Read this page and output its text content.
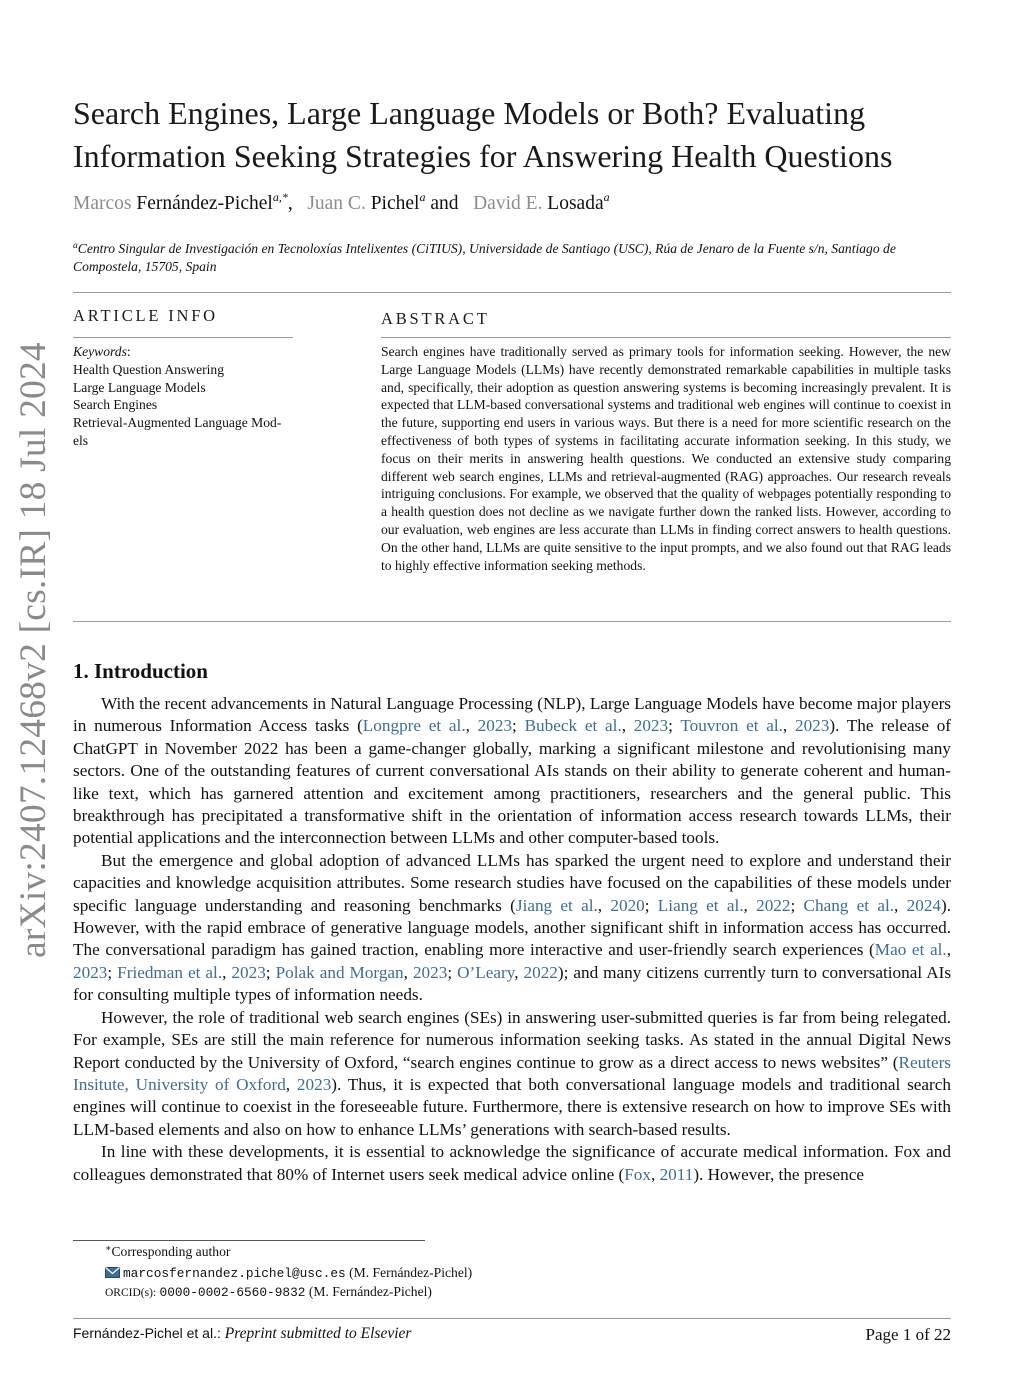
arXiv:2407.12468v2 [cs.IR] 18 Jul 2024
Search Engines, Large Language Models or Both? Evaluating Information Seeking Strategies for Answering Health Questions
Marcos Fernández-Pichel$^{a,*}$, Juan C. Pichel$^a$ and David E. Losada$^a$
$^a$Centro Singular de Investigación en Tecnoloxías Intelixentes (CiTIUS), Universidade de Santiago (USC), Rúa de Jenaro de la Fuente s/n, Santiago de Compostela, 15705, Spain
ARTICLE INFO
Keywords:
Health Question Answering
Large Language Models
Search Engines
Retrieval-Augmented Language Mod-
els
ABSTRACT
Search engines have traditionally served as primary tools for information seeking. However, the new Large Language Models (LLMs) have recently demonstrated remarkable capabilities in multiple tasks and, specifically, their adoption as question answering systems is becoming increasingly prevalent. It is expected that LLM-based conversational systems and traditional web engines will continue to coexist in the future, supporting end users in various ways. But there is a need for more scientific research on the effectiveness of both types of systems in facilitating accurate information seeking. In this study, we focus on their merits in answering health questions. We conducted an extensive study comparing different web search engines, LLMs and retrieval-augmented (RAG) approaches. Our research reveals intriguing conclusions. For example, we observed that the quality of webpages potentially responding to a health question does not decline as we navigate further down the ranked lists. However, according to our evaluation, web engines are less accurate than LLMs in finding correct answers to health questions. On the other hand, LLMs are quite sensitive to the input prompts, and we also found out that RAG leads to highly effective information seeking methods.
1. Introduction

With the recent advancements in Natural Language Processing (NLP), Large Language Models have become major players in numerous Information Access tasks (Longpre et al., 2023; Bubeck et al., 2023; Touvron et al., 2023). The release of ChatGPT in November 2022 has been a game-changer globally, marking a significant milestone and revolutionising many sectors. One of the outstanding features of current conversational AIs stands on their ability to generate coherent and human-like text, which has garnered attention and excitement among practitioners, researchers and the general public. This breakthrough has precipitated a transformative shift in the orientation of information access research towards LLMs, their potential applications and the interconnection between LLMs and other computer-based tools.

But the emergence and global adoption of advanced LLMs has sparked the urgent need to explore and understand their capacities and knowledge acquisition attributes. Some research studies have focused on the capabilities of these models under specific language understanding and reasoning benchmarks (Jiang et al., 2020; Liang et al., 2022; Chang et al., 2024). However, with the rapid embrace of generative language models, another significant shift in information access has occurred. The conversational paradigm has gained traction, enabling more interactive and user-friendly search experiences (Mao et al., 2023; Friedman et al., 2023; Polak and Morgan, 2023; O’Leary, 2022); and many citizens currently turn to conversational AIs for consulting multiple types of information needs.

However, the role of traditional web search engines (SEs) in answering user-submitted queries is far from being relegated. For example, SEs are still the main reference for numerous information seeking tasks. As stated in the annual Digital News Report conducted by the University of Oxford, “search engines continue to grow as a direct access to news websites” (Reuters Insitute, University of Oxford, 2023). Thus, it is expected that both conversational language models and traditional search engines will continue to coexist in the foreseeable future. Furthermore, there is extensive research on how to improve SEs with LLM-based elements and also on how to enhance LLMs’ generations with search-based results.

In line with these developments, it is essential to acknowledge the significance of accurate medical information. Fox and colleagues demonstrated that 80% of Internet users seek medical advice online (Fox, 2011). However, the presence

∗Corresponding author
marcosfernandez.pichel@usc.es (M. Fernández-Pichel)
ORCID(s): 0000-0002-6560-9832 (M. Fernández-Pichel)
Fernández-Pichel et al.: Preprint submitted to Elsevier	Page 1 of 22
